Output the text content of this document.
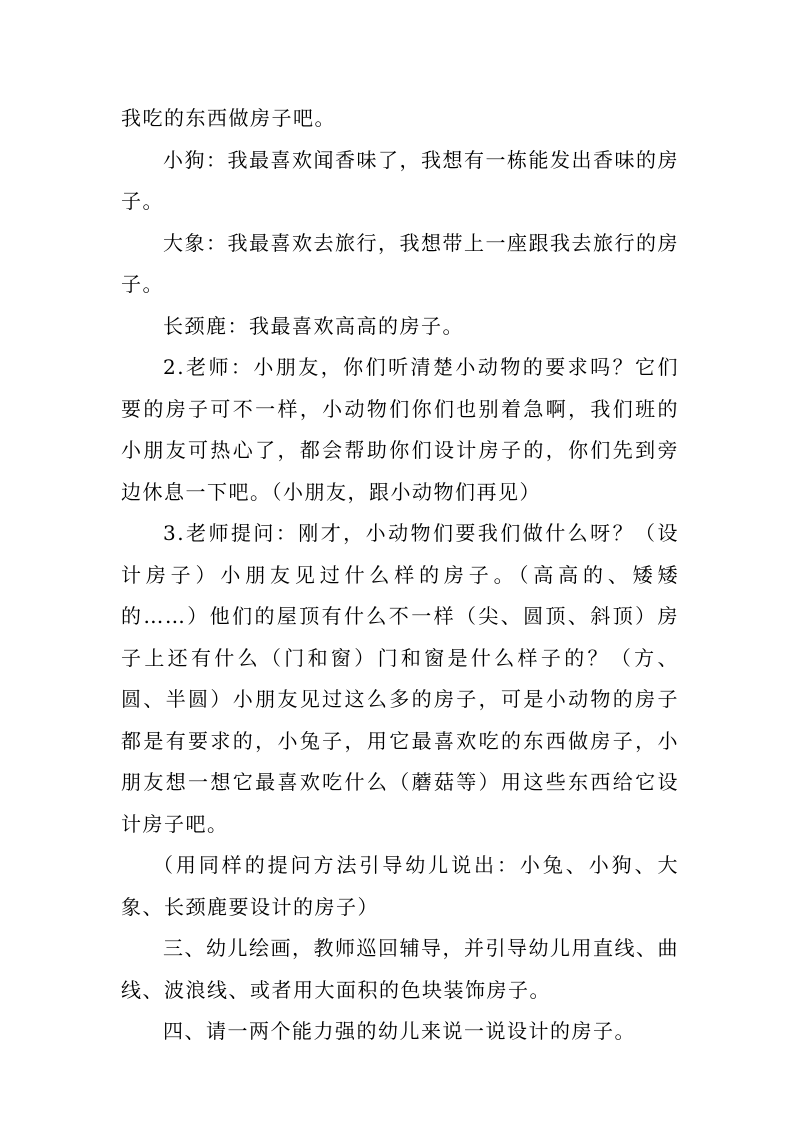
我吃的东西做房子吧。

小狗：我最喜欢闻香味了，我想有一栋能发出香味的房子。

大象：我最喜欢去旅行，我想带上一座跟我去旅行的房子。

长颈鹿：我最喜欢高高的房子。

2.老师：小朋友，你们听清楚小动物的要求吗？它们要的房子可不一样，小动物们你们也别着急啊，我们班的小朋友可热心了，都会帮助你们设计房子的，你们先到旁边休息一下吧。（小朋友，跟小动物们再见）

3.老师提问：刚才，小动物们要我们做什么呀？（设计房子）小朋友见过什么样的房子。（高高的、矮矮的……）他们的屋顶有什么不一样（尖、圆顶、斜顶）房子上还有什么（门和窗）门和窗是什么样子的？（方、圆、半圆）小朋友见过这么多的房子，可是小动物的房子都是有要求的，小兔子，用它最喜欢吃的东西做房子，小朋友想一想它最喜欢吃什么（蘑菇等）用这些东西给它设计房子吧。

（用同样的提问方法引导幼儿说出：小兔、小狗、大象、长颈鹿要设计的房子）

三、幼儿绘画，教师巡回辅导，并引导幼儿用直线、曲线、波浪线、或者用大面积的色块装饰房子。

四、请一两个能力强的幼儿来说一说设计的房子。
